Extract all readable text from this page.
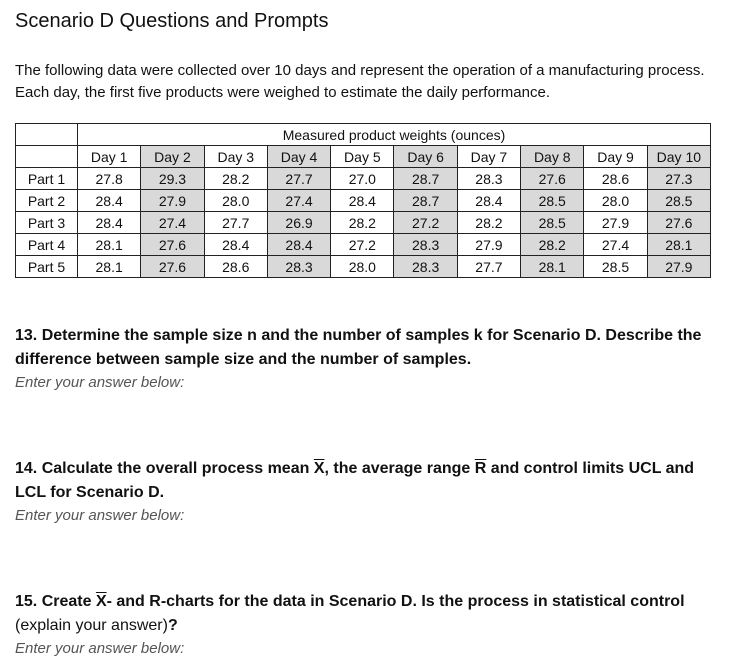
Scenario D Questions and Prompts

The following data were collected over 10 days and represent the operation of a manufacturing process. Each day, the first five products were weighed to estimate the daily performance.

	Measured product weights (ounces)									
	Day 1	Day 2	Day 3	Day 4	Day 5	Day 6	Day 7	Day 8	Day 9	Day 10
Part 1	27.8	29.3	28.2	27.7	27.0	28.7	28.3	27.6	28.6	27.3
Part 2	28.4	27.9	28.0	27.4	28.4	28.7	28.4	28.5	28.0	28.5
Part 3	28.4	27.4	27.7	26.9	28.2	27.2	28.2	28.5	27.9	27.6
Part 4	28.1	27.6	28.4	28.4	27.2	28.3	27.9	28.2	27.4	28.1
Part 5	28.1	27.6	28.6	28.3	28.0	28.3	27.7	28.1	28.5	27.9
13. Determine the sample size n and the number of samples k for Scenario D. Describe the difference between sample size and the number of samples.
Enter your answer below:
14. Calculate the overall process mean $\overline{X}$, the average range $\overline{R}$ and control limits UCL and LCL for Scenario D.
Enter your answer below:
15. Create $\overline{X}-$ and R-charts for the data in Scenario D. Is the process in statistical control (explain your answer)?
Enter your answer below:
